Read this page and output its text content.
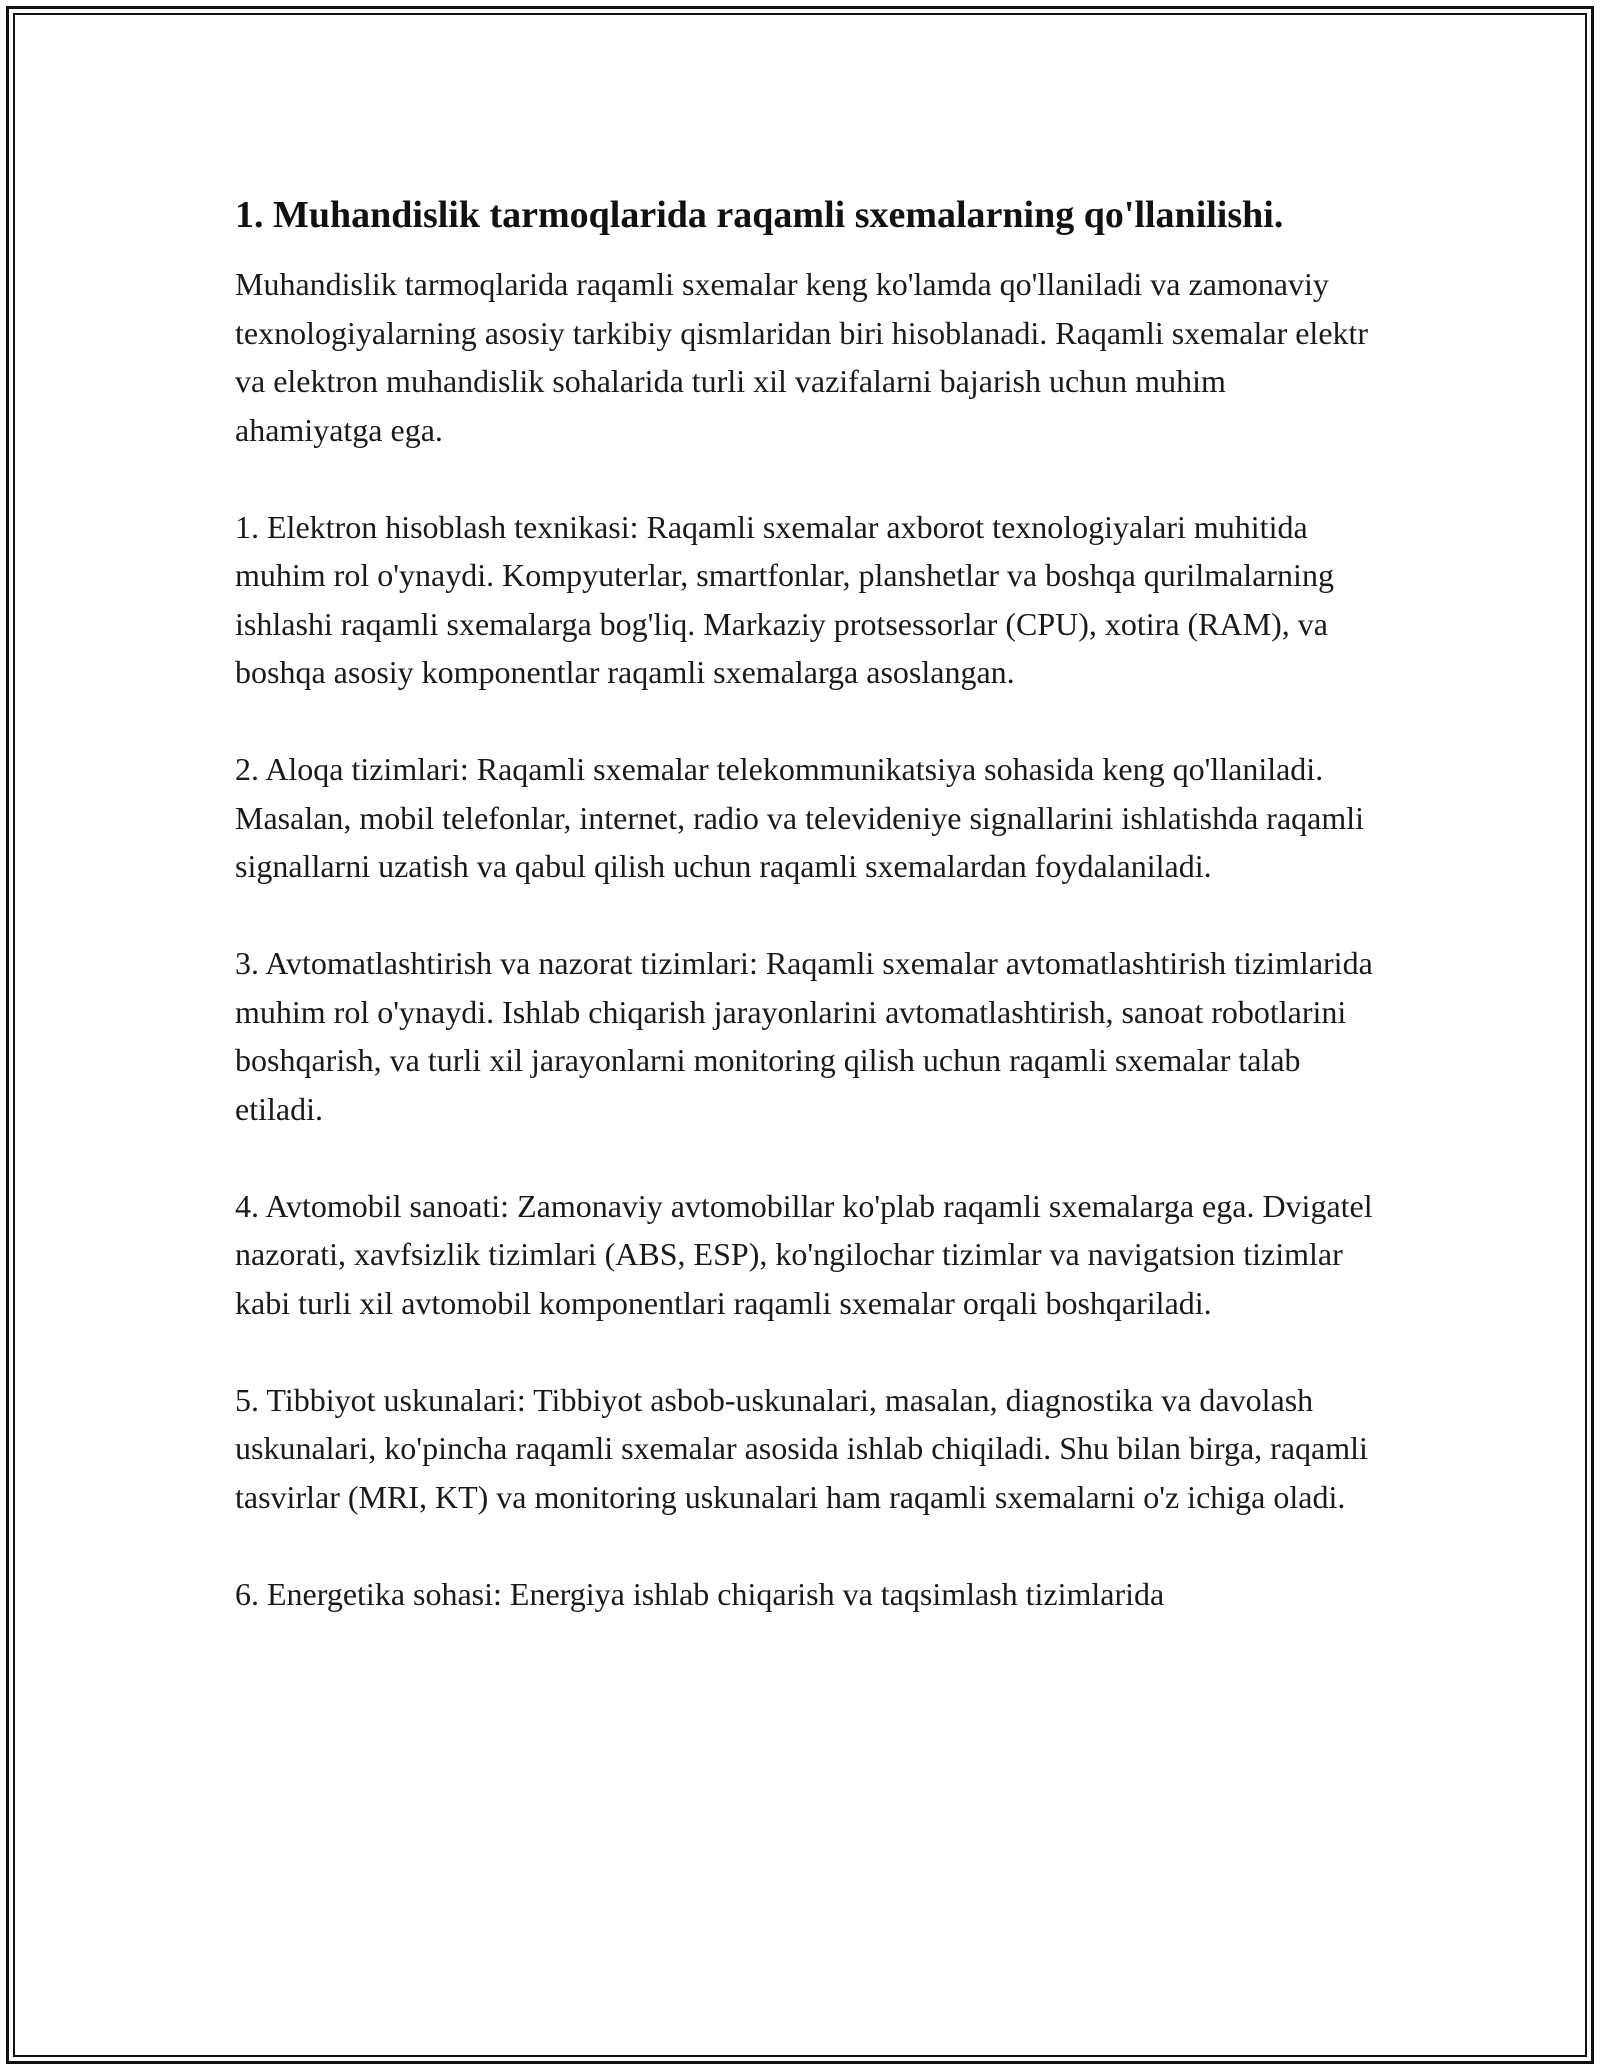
1. Muhandislik tarmoqlarida raqamli sxemalarning qo'llanilishi.

Muhandislik tarmoqlarida raqamli sxemalar keng ko'lamda qo'llaniladi va zamonaviy texnologiyalarning asosiy tarkibiy qismlaridan biri hisoblanadi. Raqamli sxemalar elektr va elektron muhandislik sohalarida turli xil vazifalarni bajarish uchun muhim ahamiyatga ega.

1. Elektron hisoblash texnikasi: Raqamli sxemalar axborot texnologiyalari muhitida muhim rol o'ynaydi. Kompyuterlar, smartfonlar, planshetlar va boshqa qurilmalarning ishlashi raqamli sxemalarga bog'liq. Markaziy protsessorlar (CPU), xotira (RAM), va boshqa asosiy komponentlar raqamli sxemalarga asoslangan.

2. Aloqa tizimlari: Raqamli sxemalar telekommunikatsiya sohasida keng qo'llaniladi. Masalan, mobil telefonlar, internet, radio va televideniye signallarini ishlatishda raqamli signallarni uzatish va qabul qilish uchun raqamli sxemalardan foydalaniladi.

3. Avtomatlashtirish va nazorat tizimlari: Raqamli sxemalar avtomatlashtirish tizimlarida muhim rol o'ynaydi. Ishlab chiqarish jarayonlarini avtomatlashtirish, sanoat robotlarini boshqarish, va turli xil jarayonlarni monitoring qilish uchun raqamli sxemalar talab etiladi.

4. Avtomobil sanoati: Zamonaviy avtomobillar ko'plab raqamli sxemalarga ega. Dvigatel nazorati, xavfsizlik tizimlari (ABS, ESP), ko'ngilochar tizimlar va navigatsion tizimlar kabi turli xil avtomobil komponentlari raqamli sxemalar orqali boshqariladi.

5. Tibbiyot uskunalari: Tibbiyot asbob-uskunalari, masalan, diagnostika va davolash uskunalari, ko'pincha raqamli sxemalar asosida ishlab chiqiladi. Shu bilan birga, raqamli tasvirlar (MRI, KT) va monitoring uskunalari ham raqamli sxemalarni o'z ichiga oladi.

6. Energetika sohasi: Energiya ishlab chiqarish va taqsimlash tizimlarida
